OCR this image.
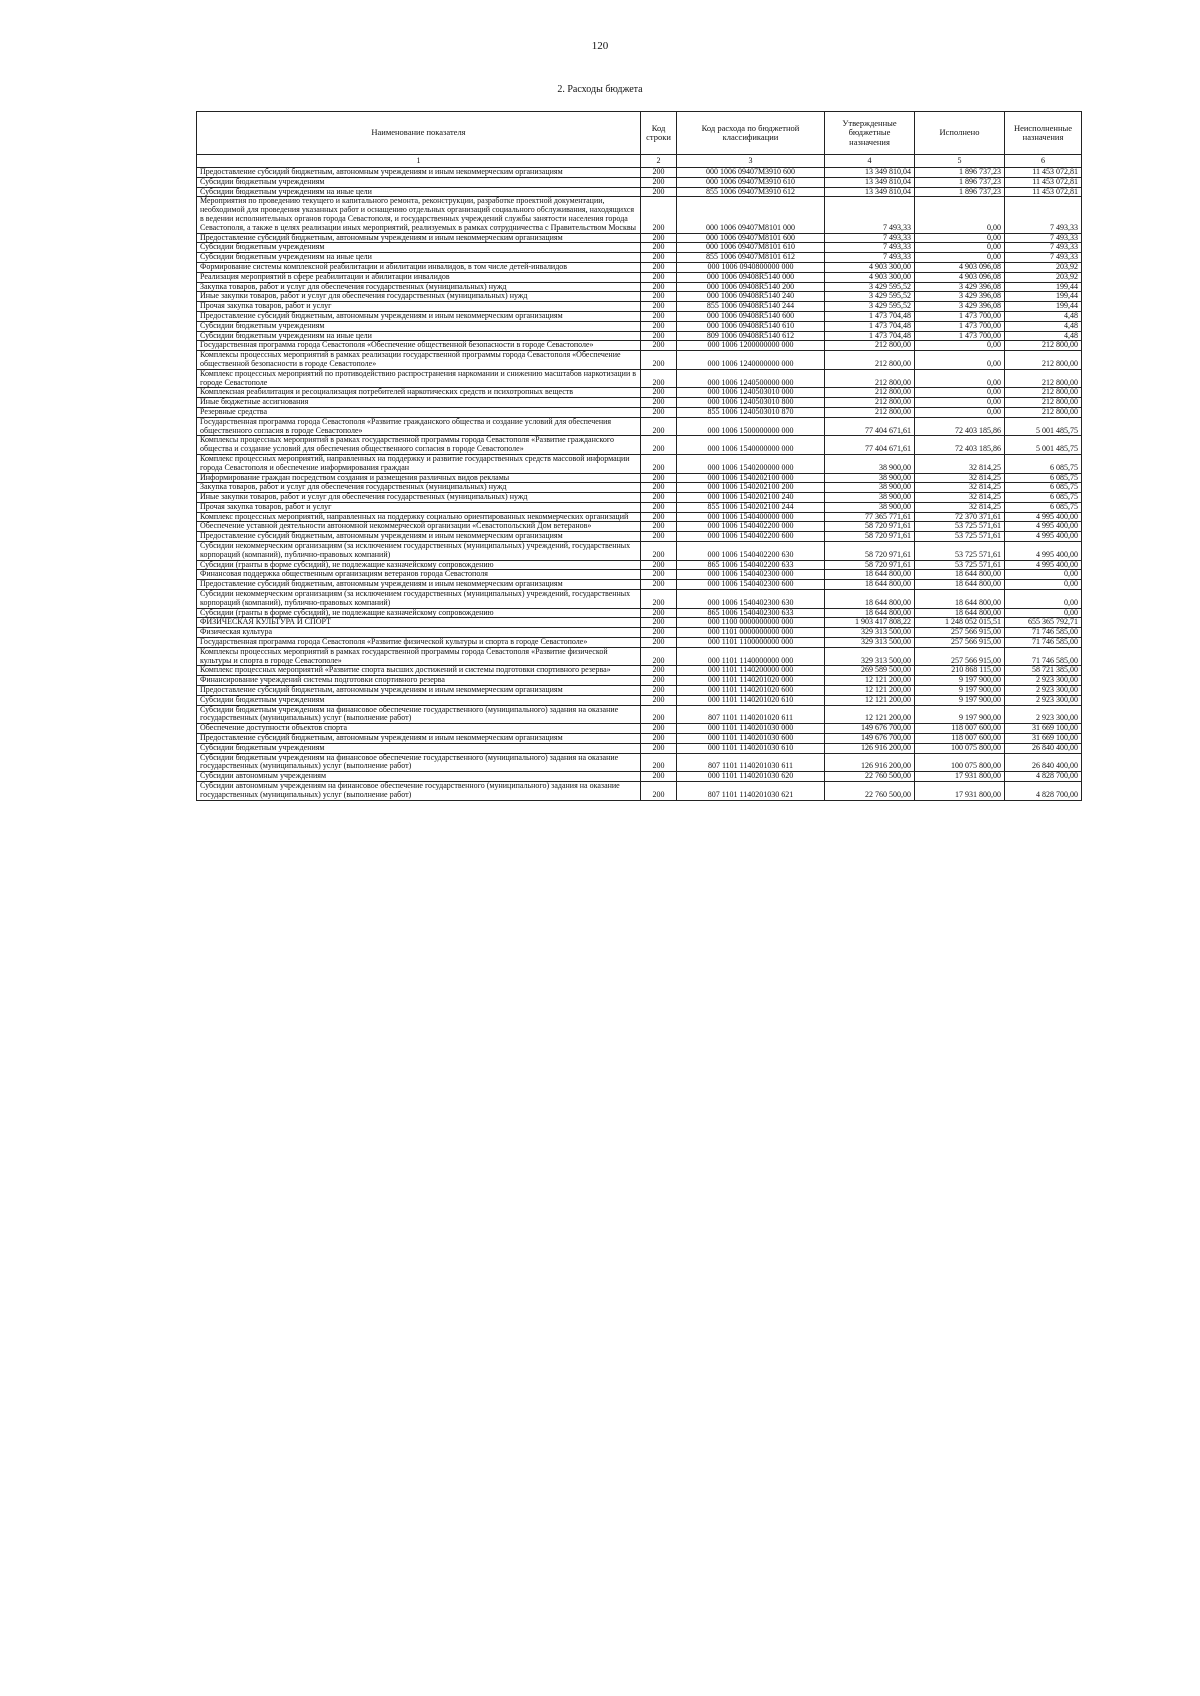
120
2. Расходы бюджета
Наименование показателя	Код строки	Код расхода по бюджетной классификации	Утвержденные бюджетные назначения	Исполнено	Неисполненные назначения
1	2	3	4	5	6
Предоставление субсидий бюджетным, автономным учреждениям и иным некоммерческим организациям	200	000 1006 09407М3910 600	13 349 810,04	1 896 737,23	11 453 072,81
Субсидии бюджетным учреждениям	200	000 1006 09407М3910 610	13 349 810,04	1 896 737,23	11 453 072,81
Субсидии бюджетным учреждениям на иные цели	200	855 1006 09407М3910 612	13 349 810,04	1 896 737,23	11 453 072,81
Мероприятия по проведению текущего и капитального ремонта, реконструкции, разработке проектной документации, необходимой для проведения указанных работ и оснащению отдельных организаций социального обслуживания, находящихся в ведении исполнительных органов города Севастополя, и государственных учреждений службы занятости населения города Севастополя, а также в целях реализации иных мероприятий, реализуемых в рамках сотрудничества с Правительством Москвы	200	000 1006 09407М8101 000	7 493,33	0,00	7 493,33
Предоставление субсидий бюджетным, автономным учреждениям и иным некоммерческим организациям	200	000 1006 09407М8101 600	7 493,33	0,00	7 493,33
Субсидии бюджетным учреждениям	200	000 1006 09407М8101 610	7 493,33	0,00	7 493,33
Субсидии бюджетным учреждениям на иные цели	200	855 1006 09407М8101 612	7 493,33	0,00	7 493,33
Формирование системы комплексной реабилитации и абилитации инвалидов, в том числе детей-инвалидов	200	000 1006 0940800000 000	4 903 300,00	4 903 096,08	203,92
Реализация мероприятий в сфере реабилитации и абилитации инвалидов	200	000 1006 09408R5140 000	4 903 300,00	4 903 096,08	203,92
Закупка товаров, работ и услуг для обеспечения государственных (муниципальных) нужд	200	000 1006 09408R5140 200	3 429 595,52	3 429 396,08	199,44
Иные закупки товаров, работ и услуг для обеспечения государственных (муниципальных) нужд	200	000 1006 09408R5140 240	3 429 595,52	3 429 396,08	199,44
Прочая закупка товаров, работ и услуг	200	855 1006 09408R5140 244	3 429 595,52	3 429 396,08	199,44
Предоставление субсидий бюджетным, автономным учреждениям и иным некоммерческим организациям	200	000 1006 09408R5140 600	1 473 704,48	1 473 700,00	4,48
Субсидии бюджетным учреждениям	200	000 1006 09408R5140 610	1 473 704,48	1 473 700,00	4,48
Субсидии бюджетным учреждениям на иные цели	200	809 1006 09408R5140 612	1 473 704,48	1 473 700,00	4,48
Государственная программа города Севастополя «Обеспечение общественной безопасности в городе Севастополе»	200	000 1006 1200000000 000	212 800,00	0,00	212 800,00
Комплексы процессных мероприятий в рамках реализации государственной программы города Севастополя «Обеспечение общественной безопасности в городе Севастополе»	200	000 1006 1240000000 000	212 800,00	0,00	212 800,00
Комплекс процессных мероприятий по противодействию распространения наркомании и снижению масштабов наркотизации в городе Севастополе	200	000 1006 1240500000 000	212 800,00	0,00	212 800,00
Комплексная реабилитация и ресоциализация потребителей наркотических средств и психотропных веществ	200	000 1006 1240503010 000	212 800,00	0,00	212 800,00
Иные бюджетные ассигнования	200	000 1006 1240503010 800	212 800,00	0,00	212 800,00
Резервные средства	200	855 1006 1240503010 870	212 800,00	0,00	212 800,00
Государственная программа города Севастополя «Развитие гражданского общества и создание условий для обеспечения общественного согласия в городе Севастополе»	200	000 1006 1500000000 000	77 404 671,61	72 403 185,86	5 001 485,75
Комплексы процессных мероприятий в рамках государственной программы города Севастополя «Развитие гражданского общества и создание условий для обеспечения общественного согласия в городе Севастополе»	200	000 1006 1540000000 000	77 404 671,61	72 403 185,86	5 001 485,75
Комплекс процессных мероприятий, направленных на поддержку и развитие государственных средств массовой информации города Севастополя и обеспечение информирования граждан	200	000 1006 1540200000 000	38 900,00	32 814,25	6 085,75
Информирование граждан посредством создания и размещения различных видов рекламы	200	000 1006 1540202100 000	38 900,00	32 814,25	6 085,75
Закупка товаров, работ и услуг для обеспечения государственных (муниципальных) нужд	200	000 1006 1540202100 200	38 900,00	32 814,25	6 085,75
Иные закупки товаров, работ и услуг для обеспечения государственных (муниципальных) нужд	200	000 1006 1540202100 240	38 900,00	32 814,25	6 085,75
Прочая закупка товаров, работ и услуг	200	855 1006 1540202100 244	38 900,00	32 814,25	6 085,75
Комплекс процессных мероприятий, направленных на поддержку социально ориентированных некоммерческих организаций	200	000 1006 1540400000 000	77 365 771,61	72 370 371,61	4 995 400,00
Обеспечение уставной деятельности автономной некоммерческой организации «Севастопольский Дом ветеранов»	200	000 1006 1540402200 000	58 720 971,61	53 725 571,61	4 995 400,00
Предоставление субсидий бюджетным, автономным учреждениям и иным некоммерческим организациям	200	000 1006 1540402200 600	58 720 971,61	53 725 571,61	4 995 400,00
Субсидии некоммерческим организациям (за исключением государственных (муниципальных) учреждений, государственных корпораций (компаний), публично-правовых компаний)	200	000 1006 1540402200 630	58 720 971,61	53 725 571,61	4 995 400,00
Субсидии (гранты в форме субсидий), не подлежащие казначейскому сопровождению	200	865 1006 1540402200 633	58 720 971,61	53 725 571,61	4 995 400,00
Финансовая поддержка общественным организациям ветеранов города Севастополя	200	000 1006 1540402300 000	18 644 800,00	18 644 800,00	0,00
Предоставление субсидий бюджетным, автономным учреждениям и иным некоммерческим организациям	200	000 1006 1540402300 600	18 644 800,00	18 644 800,00	0,00
Субсидии некоммерческим организациям (за исключением государственных (муниципальных) учреждений, государственных корпораций (компаний), публично-правовых компаний)	200	000 1006 1540402300 630	18 644 800,00	18 644 800,00	0,00
Субсидии (гранты в форме субсидий), не подлежащие казначейскому сопровождению	200	865 1006 1540402300 633	18 644 800,00	18 644 800,00	0,00
ФИЗИЧЕСКАЯ КУЛЬТУРА И СПОРТ	200	000 1100 0000000000 000	1 903 417 808,22	1 248 052 015,51	655 365 792,71
Физическая культура	200	000 1101 0000000000 000	329 313 500,00	257 566 915,00	71 746 585,00
Государственная программа города Севастополя «Развитие физической культуры и спорта в городе Севастополе»	200	000 1101 1100000000 000	329 313 500,00	257 566 915,00	71 746 585,00
Комплексы процессных мероприятий в рамках государственной программы города Севастополя «Развитие физической культуры и спорта в городе Севастополе»	200	000 1101 1140000000 000	329 313 500,00	257 566 915,00	71 746 585,00
Комплекс процессных мероприятий «Развитие спорта высших достижений и системы подготовки спортивного резерва»	200	000 1101 1140200000 000	269 589 500,00	210 868 115,00	58 721 385,00
Финансирование учреждений системы подготовки спортивного резерва	200	000 1101 1140201020 000	12 121 200,00	9 197 900,00	2 923 300,00
Предоставление субсидий бюджетным, автономным учреждениям и иным некоммерческим организациям	200	000 1101 1140201020 600	12 121 200,00	9 197 900,00	2 923 300,00
Субсидии бюджетным учреждениям	200	000 1101 1140201020 610	12 121 200,00	9 197 900,00	2 923 300,00
Субсидии бюджетным учреждениям на финансовое обеспечение государственного (муниципального) задания на оказание государственных (муниципальных) услуг (выполнение работ)	200	807 1101 1140201020 611	12 121 200,00	9 197 900,00	2 923 300,00
Обеспечение доступности объектов спорта	200	000 1101 1140201030 000	149 676 700,00	118 007 600,00	31 669 100,00
Предоставление субсидий бюджетным, автономным учреждениям и иным некоммерческим организациям	200	000 1101 1140201030 600	149 676 700,00	118 007 600,00	31 669 100,00
Субсидии бюджетным учреждениям	200	000 1101 1140201030 610	126 916 200,00	100 075 800,00	26 840 400,00
Субсидии бюджетным учреждениям на финансовое обеспечение государственного (муниципального) задания на оказание государственных (муниципальных) услуг (выполнение работ)	200	807 1101 1140201030 611	126 916 200,00	100 075 800,00	26 840 400,00
Субсидии автономным учреждениям	200	000 1101 1140201030 620	22 760 500,00	17 931 800,00	4 828 700,00
Субсидии автономным учреждениям на финансовое обеспечение государственного (муниципального) задания на оказание государственных (муниципальных) услуг (выполнение работ)	200	807 1101 1140201030 621	22 760 500,00	17 931 800,00	4 828 700,00
